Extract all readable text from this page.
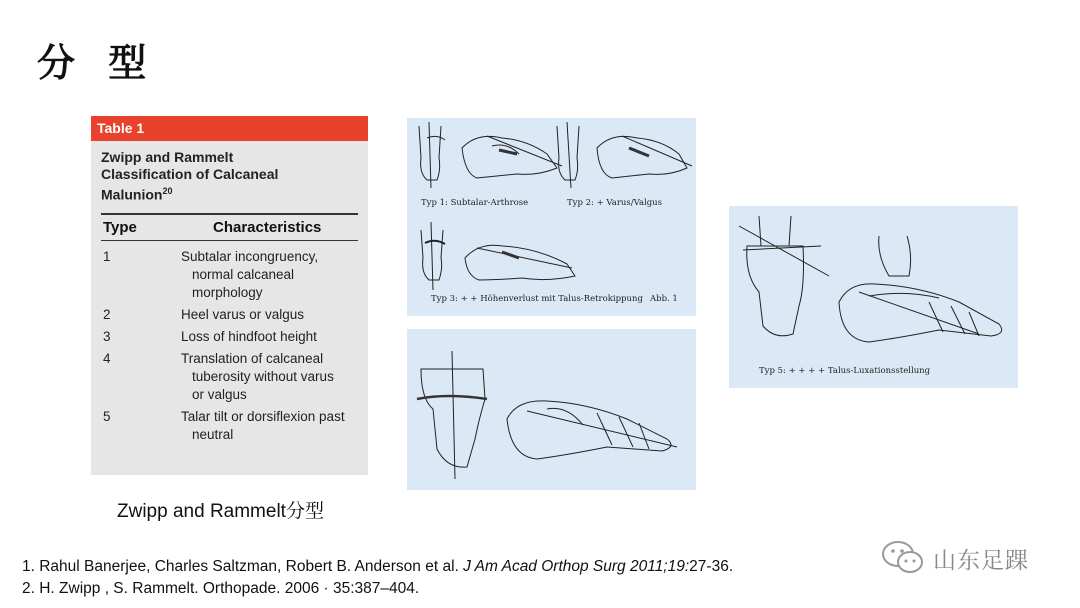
分 型
Table 1
Zwipp and Rammelt
Classification of Calcaneal
Malunion$^{20}$
Type	Characteristics
1	Subtalar incongruency,
normal calcaneal
morphology
2	Heel varus or valgus
3	Loss of hindfoot height
4	Translation of calcaneal
tuberosity without varus
or valgus
5	Talar tilt or dorsiflexion past
neutral
Zwipp and Rammelt分型
Typ 1: Subtalar-Arthrose	Typ 2: + Varus/Valgus
Typ 3: + + Höhenverlust mit Talus-Retrokippung Abb. 1
Typ 5: + + + + Talus-Luxationsstellung
1. Rahul Banerjee, Charles Saltzman, Robert B. Anderson et al. J Am Acad Orthop Surg 2011;19:27-36.
2. H. Zwipp , S. Rammelt. Orthopade. 2006 · 35:387–404.
山东足踝
